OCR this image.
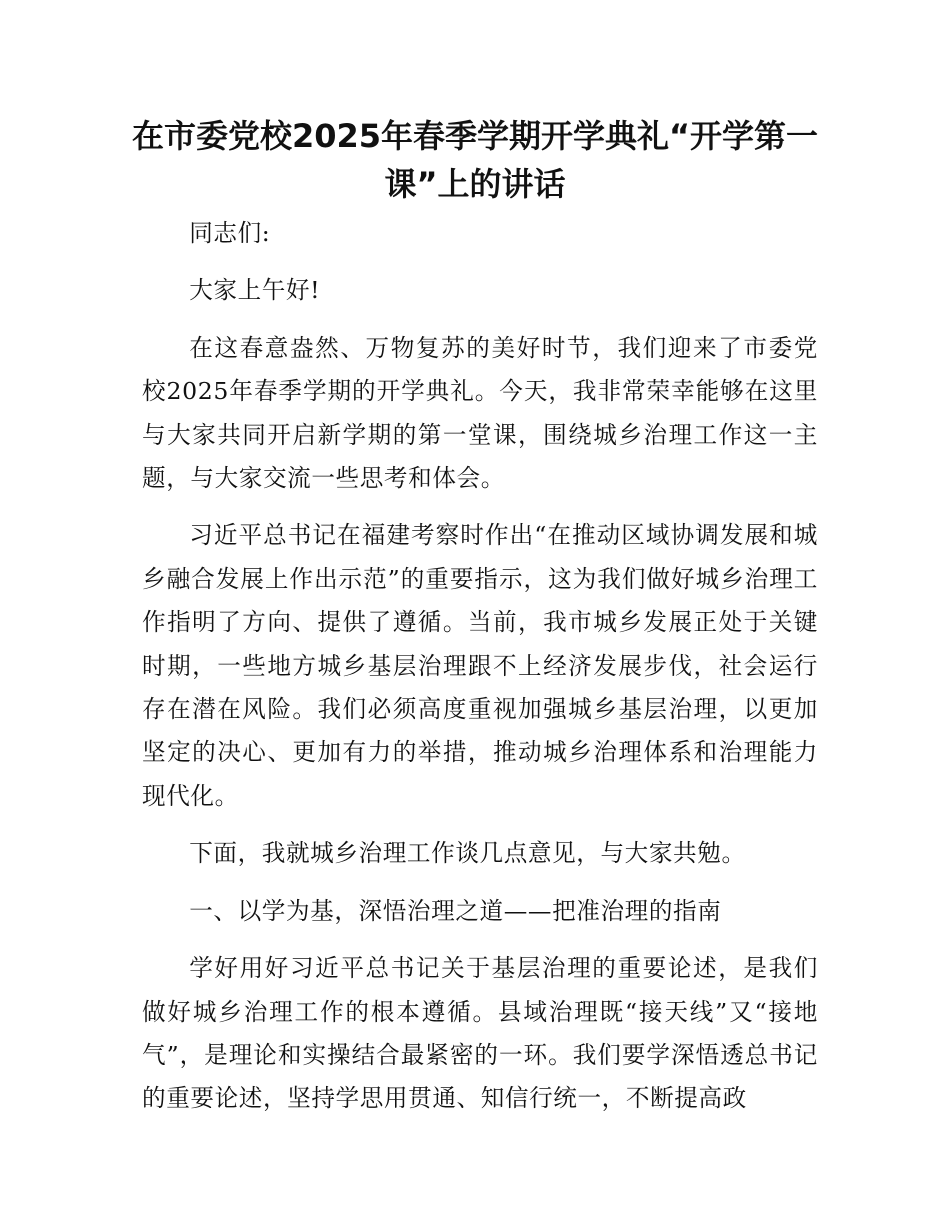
在市委党校2025年春季学期开学典礼“开学第一课”上的讲话

同志们:

大家上午好!

在这春意盎然、万物复苏的美好时节，我们迎来了市委党校2025年春季学期的开学典礼。今天，我非常荣幸能够在这里与大家共同开启新学期的第一堂课，围绕城乡治理工作这一主题，与大家交流一些思考和体会。

习近平总书记在福建考察时作出“在推动区域协调发展和城乡融合发展上作出示范”的重要指示，这为我们做好城乡治理工作指明了方向、提供了遵循。当前，我市城乡发展正处于关键时期，一些地方城乡基层治理跟不上经济发展步伐，社会运行存在潜在风险。我们必须高度重视加强城乡基层治理，以更加坚定的决心、更加有力的举措，推动城乡治理体系和治理能力现代化。

下面，我就城乡治理工作谈几点意见，与大家共勉。

一、以学为基，深悟治理之道——把准治理的指南

学好用好习近平总书记关于基层治理的重要论述，是我们做好城乡治理工作的根本遵循。县域治理既“接天线”又“接地气”，是理论和实操结合最紧密的一环。我们要学深悟透总书记的重要论述，坚持学思用贯通、知信行统一，不断提高政
